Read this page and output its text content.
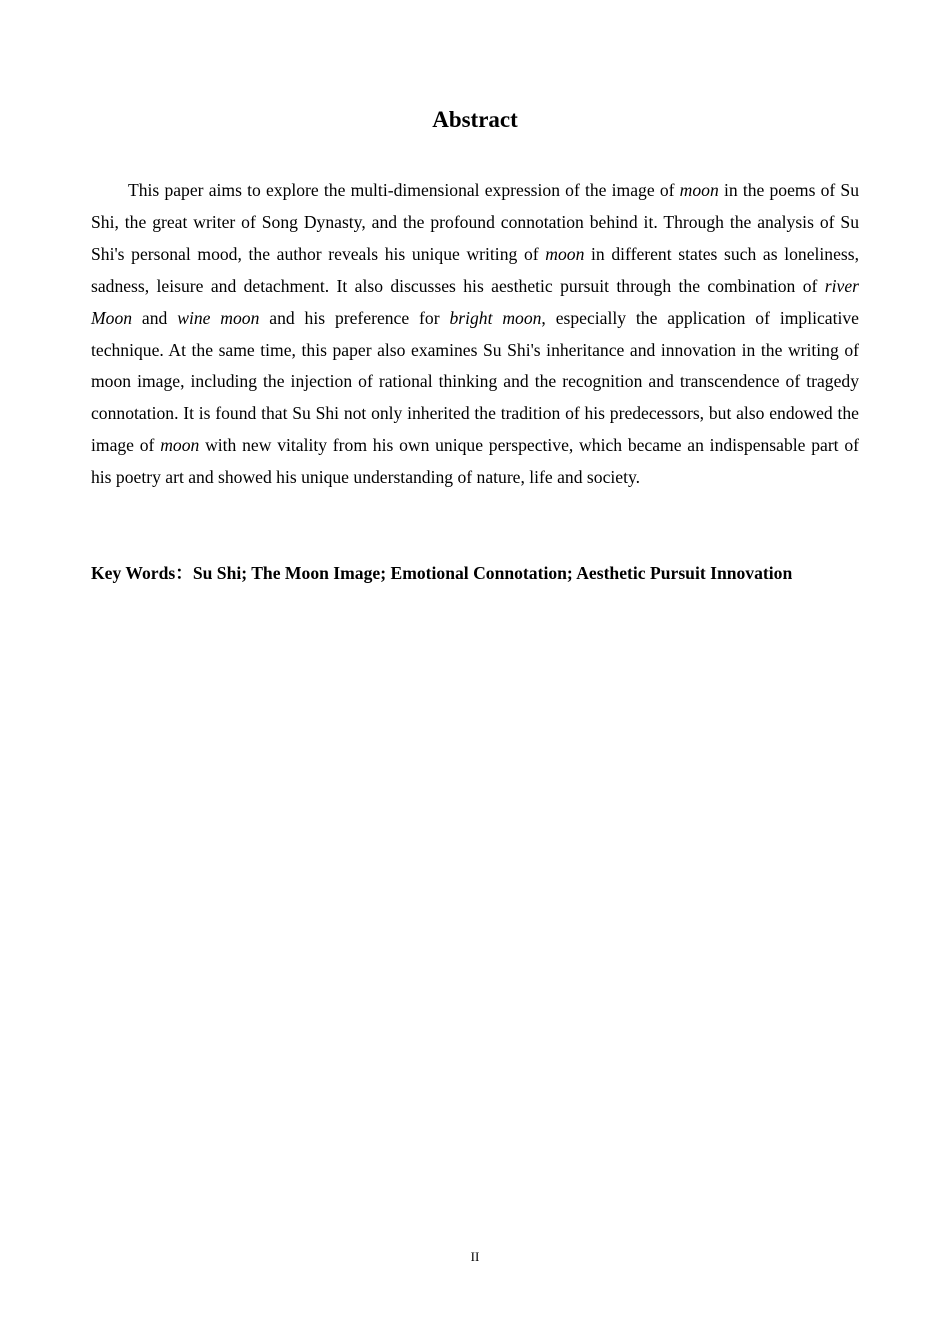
Abstract

This paper aims to explore the multi-dimensional expression of the image of moon in the poems of Su Shi, the great writer of Song Dynasty, and the profound connotation behind it. Through the analysis of Su Shi's personal mood, the author reveals his unique writing of moon in different states such as loneliness, sadness, leisure and detachment. It also discusses his aesthetic pursuit through the combination of river Moon and wine moon and his preference for bright moon, especially the application of implicative technique. At the same time, this paper also examines Su Shi's inheritance and innovation in the writing of moon image, including the injection of rational thinking and the recognition and transcendence of tragedy connotation. It is found that Su Shi not only inherited the tradition of his predecessors, but also endowed the image of moon with new vitality from his own unique perspective, which became an indispensable part of his poetry art and showed his unique understanding of nature, life and society.

Key Words：Su Shi; The Moon Image; Emotional Connotation; Aesthetic Pursuit Innovation

II
